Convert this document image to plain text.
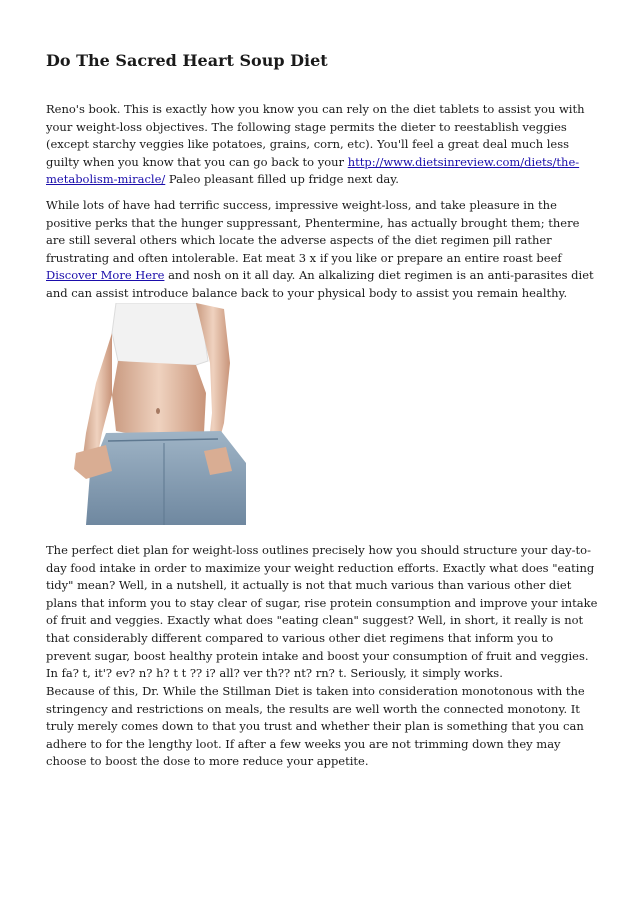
Do The Sacred Heart Soup Diet

Reno's book. This is exactly how you know you can rely on the diet tablets to assist you with your weight-loss objectives. The following stage permits the dieter to reestablish veggies (except starchy veggies like potatoes, grains, corn, etc). You'll feel a great deal much less guilty when you know that you can go back to your http://www.dietsinreview.com/diets/the-metabolism-miracle/ Paleo pleasant filled up fridge next day.

While lots of have had terrific success, impressive weight-loss, and take pleasure in the positive perks that the hunger suppressant, Phentermine, has actually brought them; there are still several others which locate the adverse aspects of the diet regimen pill rather frustrating and often intolerable. Eat meat 3 x if you like or prepare an entire roast beef Discover More Here and nosh on it all day. An alkalizing diet regimen is an anti-parasites diet and can assist introduce balance back to your physical body to assist you remain healthy.

The perfect diet plan for weight-loss outlines precisely how you should structure your day-to-day food intake in order to maximize your weight reduction efforts. Exactly what does "eating tidy" mean? Well, in a nutshell, it actually is not that much various than various other diet plans that inform you to stay clear of sugar, rise protein consumption and improve your intake of fruit and veggies. Exactly what does "eating clean" suggest? Well, in short, it really is not that considerably different compared to various other diet regimens that inform you to prevent sugar, boost healthy protein intake and boost your consumption of fruit and veggies. In fa? t, it'? ev? n? h? t t ?? i? all? ver th?? nt? rn? t. Seriously, it simply works.

Because of this, Dr. While the Stillman Diet is taken into consideration monotonous with the stringency and restrictions on meals, the results are well worth the connected monotony. It truly merely comes down to that you trust and whether their plan is something that you can adhere to for the lengthy loot. If after a few weeks you are not trimming down they may choose to boost the dose to more reduce your appetite.
